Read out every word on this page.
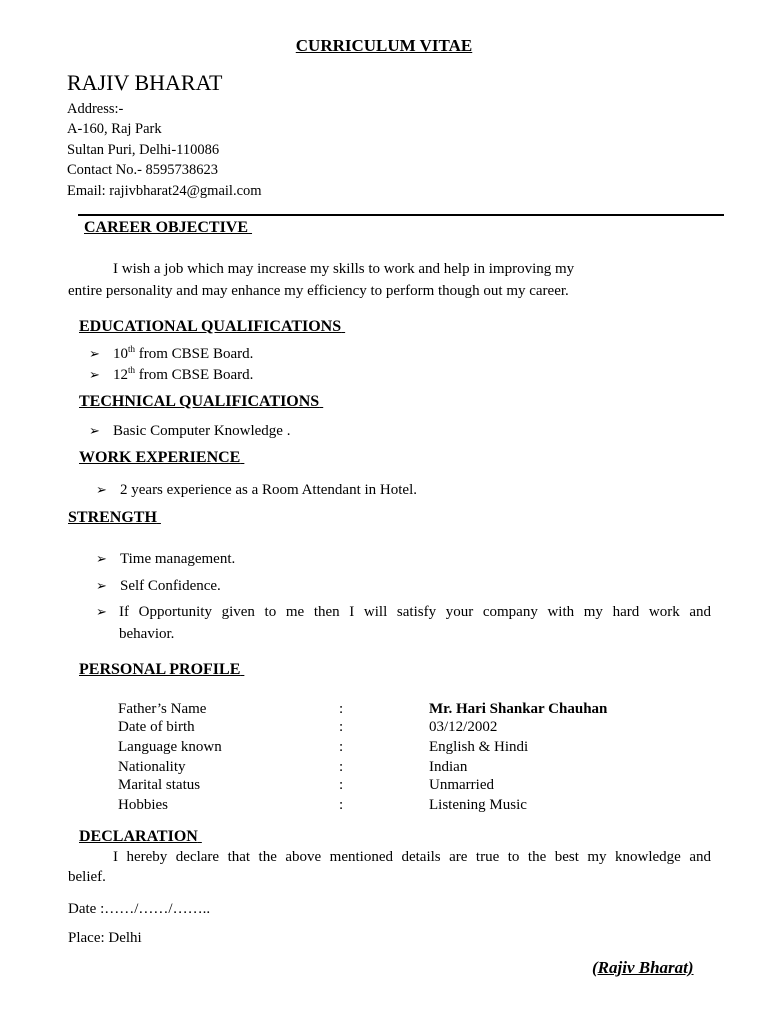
CURRICULUM VITAE
RAJIV BHARAT
Address:-
A-160, Raj Park
Sultan Puri, Delhi-110086
Contact No.- 8595738623
Email: rajivbharat24@gmail.com
CAREER OBJECTIVE
I wish a job which may increase my skills to work and help in improving my
entire personality and may enhance my efficiency to perform though out my career.
EDUCATIONAL QUALIFICATIONS
➢ 10th from CBSE Board.
➢ 12th from CBSE Board.
TECHNICAL QUALIFICATIONS
➢ Basic Computer Knowledge .
WORK EXPERIENCE
➢ 2 years experience as a Room Attendant in Hotel.
STRENGTH
➢ Time management.
➢ Self Confidence.
➢ If Opportunity given to me then I will satisfy your company with my hard work and
behavior.
PERSONAL PROFILE
Father’s Name	:	Mr. Hari Shankar Chauhan
Date of birth	:	03/12/2002
Language known	:	English & Hindi
Nationality	:	Indian
Marital status	:	Unmarried
Hobbies	:	Listening Music
DECLARATION
I hereby declare that the above mentioned details are true to the best my knowledge and
belief.
Date :……/……/……..
Place: Delhi
(Rajiv Bharat)
